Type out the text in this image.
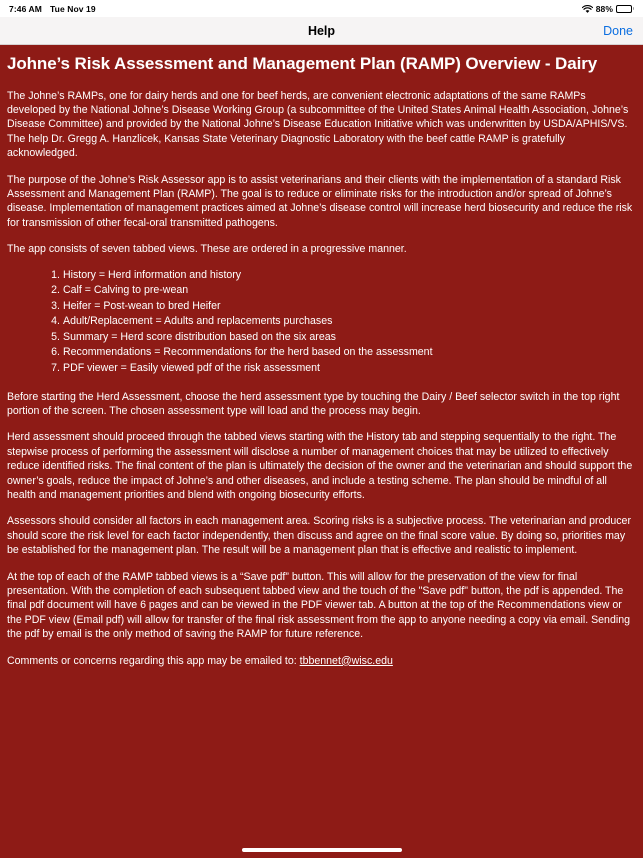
7:46 AM Tue Nov 19	88%
Help	Done
Johne’s Risk Assessment and Management Plan (RAMP) Overview - Dairy

The Johne’s RAMPs, one for dairy herds and one for beef herds, are convenient electronic adaptations of the same RAMPs developed by the National Johne’s Disease Working Group (a subcommittee of the United States Animal Health Association, Johne’s Disease Committee) and provided by the National Johne’s Disease Education Initiative which was underwritten by USDA/APHIS/VS. The help Dr. Gregg A. Hanzlicek, Kansas State Veterinary Diagnostic Laboratory with the beef cattle RAMP is gratefully acknowledged.

The purpose of the Johne’s Risk Assessor app is to assist veterinarians and their clients with the implementation of a standard Risk Assessment and Management Plan (RAMP). The goal is to reduce or eliminate risks for the introduction and/or spread of Johne’s disease. Implementation of management practices aimed at Johne’s disease control will increase herd biosecurity and reduce the risk for transmission of other fecal-oral transmitted pathogens.

The app consists of seven tabbed views. These are ordered in a progressive manner.

History = Herd information and history
Calf = Calving to pre-wean
Heifer = Post-wean to bred Heifer
Adult/Replacement = Adults and replacements purchases
Summary = Herd score distribution based on the six areas
Recommendations = Recommendations for the herd based on the assessment
PDF viewer = Easily viewed pdf of the risk assessment

Before starting the Herd Assessment, choose the herd assessment type by touching the Dairy / Beef selector switch in the top right portion of the screen. The chosen assessment type will load and the process may begin.

Herd assessment should proceed through the tabbed views starting with the History tab and stepping sequentially to the right. The stepwise process of performing the assessment will disclose a number of management choices that may be utilized to effectively reduce identified risks. The final content of the plan is ultimately the decision of the owner and the veterinarian and should support the owner’s goals, reduce the impact of Johne’s and other diseases, and include a testing scheme. The plan should be mindful of all health and management priorities and blend with ongoing biosecurity efforts.

Assessors should consider all factors in each management area. Scoring risks is a subjective process. The veterinarian and producer should score the risk level for each factor independently, then discuss and agree on the final score value. By doing so, priorities may be established for the management plan. The result will be a management plan that is effective and realistic to implement.

At the top of each of the RAMP tabbed views is a “Save pdf” button. This will allow for the preservation of the view for final presentation. With the completion of each subsequent tabbed view and the touch of the "Save pdf" button, the pdf is appended. The final pdf document will have 6 pages and can be viewed in the PDF viewer tab. A button at the top of the Recommendations view or the PDF view (Email pdf) will allow for transfer of the final risk assessment from the app to anyone needing a copy via email. Sending the pdf by email is the only method of saving the RAMP for future reference.

Comments or concerns regarding this app may be emailed to: tbbennet@wisc.edu
